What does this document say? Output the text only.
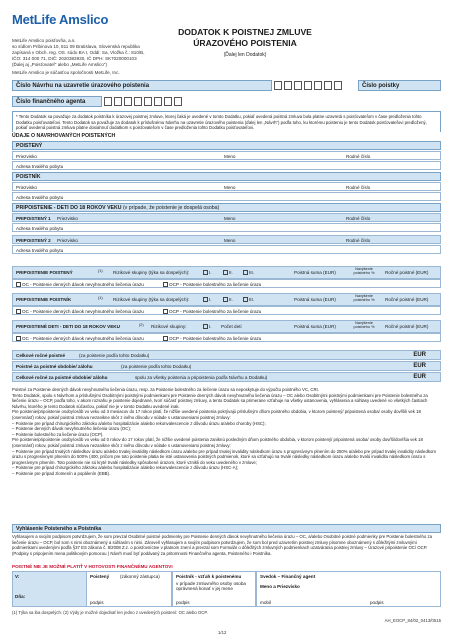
MetLife Amslico
MetLife Amslico poisťovňa, a.s.
so sídlom Pribinova 10, 811 09 Bratislava, Slovenská republika
zapísaná v Obch. reg. OS. súdu BA I, Oddi: Sa, Vložka č.: 810/B,
IČO: 314 000 71, DIČ: 2020383930, IČ DPH: SK7020000103
(Ďalej aj „Poisťovateľ“ alebo „MetLife Amslico“)
MetLife Amslico je súčasťou spoločnosti MetLife, Inc.
DODATOK K POISTNEJ ZMLUVE ÚRAZOVÉHO POISTENIA
(Ďalej len Dodatok)
Číslo Návrhu na uzavretie úrazového poistenia	Číslo poistky
Číslo finančného agenta
* Tento Dodatok sa považuje za dodatok poistníka k úrazovej poistnej zmluve, ktorej čaká je uvedené v tomto Dodatku, pokiaľ uvedená poistná zmluva bola platne uzavretá s poisťovateľom v čase predloženia tohto Dodatku poisťovateľovi. Tento Dodatok sa považuje za dodatok k príslušnému Návrhu na uzavretie úrazového poistenia (ďalej len „Návrh“) podľa toho, ku ktorému poisteniu je tento Dodatok poisťovateľovi predložený, pokiaľ uvedená poistná zmluva platne dosiahnuť dodatkom s poisťovateľom v čase predloženia tohto Dodatku poisťovateľovi.
ÚDAJE O NAVRHOVANÝCH POISTENÝCH
POISTENÝ
Priezvisko	Meno	Rodné číslo
Adresa trvalého pobytu
POISTNÍK
Priezvisko	Meno	Rodné číslo
Adresa trvalého pobytu
PRIPOISTENIE - DETI DO 18 ROKOV VEKU (v prípade, že poistenie je dospelá osoba)
PRIPOISTENÝ 1 Priezvisko	Meno	Rodné číslo
Adresa trvalého pobytu
PRIPOISTENÝ 2 Priezvisko	Meno	Rodné číslo
Adresa trvalého pobytu
PRIPOISTENIE POISTENÝ	(1) Rizikové skupiny (týka sa dospelých):	I.	II.	III.	Poistná suma (EUR)
Navýšenie poistného %	Ročné poistné (EUR)
OC - Poistenie denných dávok nevyhnutného liečenia úrazu	OCP - Poistenie bolestného za liečenie úrazu
PRIPOISTENIE POISTNÍK	(1) Rizikové skupiny (týka sa dospelých):	I.	II.	III.	Poistná suma (EUR)
Navýšenie poistného %	Ročné poistné (EUR)
OC - Poistenie denných dávok nevyhnutného liečenia úrazu	OCP - Poistenie bolestného za liečenie úrazu
PRIPOISTENÉ DETI - DETI DO 18 ROKOV VEKU	(2) Rizikové skupiny:	I. Počet detí	Poistná suma (EUR)
Navýšenie poistného %	Ročné poistné (EUR)
OC - Poistenie denných dávok nevyhnutného liečenia úrazu	OCP - Poistenie bolestného za liečenie úrazu
Celkové ročné poistné	(za poistenie podľa tohto Dodatku)	EUR
Poistné za poistné obdobie/ zálohu	(za poistenie podľa tohto Dodatku)	EUR
Celkové ročné za poistné obdobie/ zálohu	spolu za všetky poistenia a pripoistenia podľa Návrhu a Dodatku)	EUR
Poistné za Poistenie denných dávok nevyhnutného liečenia úrazu, resp. za Poistenie bolestného za liečenie úrazu sa neposkytuje do výpočtu poistného VC, CRI.
Tento Dodatok, spolu s Návrhom a príslušnými Osobitnými poistnými podmienkami pre Poistenie denných dávok nevyhnutného liečenia úrazu – OC alebo Osobitnými poistnými podmienkami pre Poistenie bolestného za liečenie úrazu – OCP, podľa toho, v akom rozsahu je poistenie dojednané, tvorí súčasť poistnej zmluvy, a tento Dodatok sa primerane vzťahuje na všetky ustanovenia, vyhlásenia a súhlasy uvedené vo všetkých častiach Návrhu, ktorého je tento Dodatok súčasťou, pokiaľ nie je v tomto Dodatku uvedené inak.
Pre poistenie/pripoistenie osoby/osôb vo veku od 3 mesiacov do 17 rokov platí, že nižšie uvedené poistenia pokrývajú príslušným dňom poistného obdobia, v ktorom poistený/ pripoistená osoba/ osoby dovŕšili vek 18 (osemnásť) rokov, pokiaľ poistná zmluva nezanikne skôr z iného dôvodu v súlade s ustanoveniami poistnej zmluvy:
– Poistenie pre prípad chirurgického zákroku a/alebo hospitalizácie a/alebo rekonvalescencie z dôvodu úrazu a/alebo choroby (HSC);
– Poistenie denných dávok nevyhnutného liečenia úrazu (OC);
– Poistenie bolestného za liečenie úrazu (OCP).
Pre poistenie/pripoistenie osoby/osôb vo veku od 0 rokov do 17 rokov platí, že nižšie uvedené poistenia zaniknú posledným dňom poistného obdobia, v ktorom poistený/ pripoistená osoba/ osoby dovŕši/dovŕšia vek 18 (osemnásť) rokov, pokiaľ poistná zmluva nezanikne skôr z iného dôvodu v súlade s ustanoveniami poistnej zmluvy:
– Poistenie pre prípad trvalých následkov úrazu a/alebo trvalej invalidity následkom úrazu a/alebo pre prípad trvalej invalidity následkom úrazu s progresívnym plnením do 250% a/alebo pre prípad trvalej invalidity následkom úrazu s progresívnym plnením do 500% (400, pričom pre toto poistenie platia tie isté ustanovenia poistných podmienok, ktoré sa vzťahujú na trvalé následky následkom úrazu a/alebo trvalú invaliditu následkom úrazu s progresívnym plnením. Toto poistenie nie sú kryté trvalé následky spôsobené úrazom, ktoré vznikli do veku uvedeného v zmluve;
– Poistenie pre prípad chirurgického zákroku a/alebo hospitalizácie a/alebo rekonvalescencie z dôvodu úrazu (HSC-A);
– Poistenie pre prípad zlomenín a popálenín (EBB).
Vyhlásenie Poisteného a Poistníka
Vyhlasujem a svojím podpisom potvrdzujem, že som prevzal Osobitné poistné podmienky pre Poistenie denných dávok nevyhnutného liečenia úrazu – OC, a/alebo Osobitné poistné podmienky pre Poistenie bolestného za liečenie úrazu – OCP, bol som s nimi oboznámený a súhlasím s nimi. Zároveň vyhlasujem a svojím podpisom potvrdzujem, že som bol pred uzavretím poistnej zmluvy písomne oboznámený s dôležitými zmluvnými podmienkami uvedenými podľa §37 ES zákona č. 8/2008 Z.z. o poisťovníctve v platnom znení a prevzal som Formulár o dôležitých zmluvných podmienkach uzatvárania poistnej zmluvy – Úrazové pripoistenie OC/ OCP. (Podpisy s pripojením mena politikovým pomocou ) Návrh musí byť podávaný za pritomnosti Finančného agenta, Poisteného i Poistníka.
POISTNÉ NIE JE MOŽNÉ PLATIŤ V HOTOVOSTI FINANČNÉMU AGENTOVI
V:
Dňa:
Poistený (zákonný zástupca)
podpis
Poistník - vzťah k poistenému
v prípade zmluvného osoby osoba oprávnená konať v jej mene
podpis
Svedok – Finančný agent
Meno a Priezvisko
mobil	podpis
(1) Týka sa iba dospelých. (2) Výdy je možné dojednať len jedno z uvedených poistení: OC alebo OCP.
AH_EOCP_84/02_0413/0515
1/12
